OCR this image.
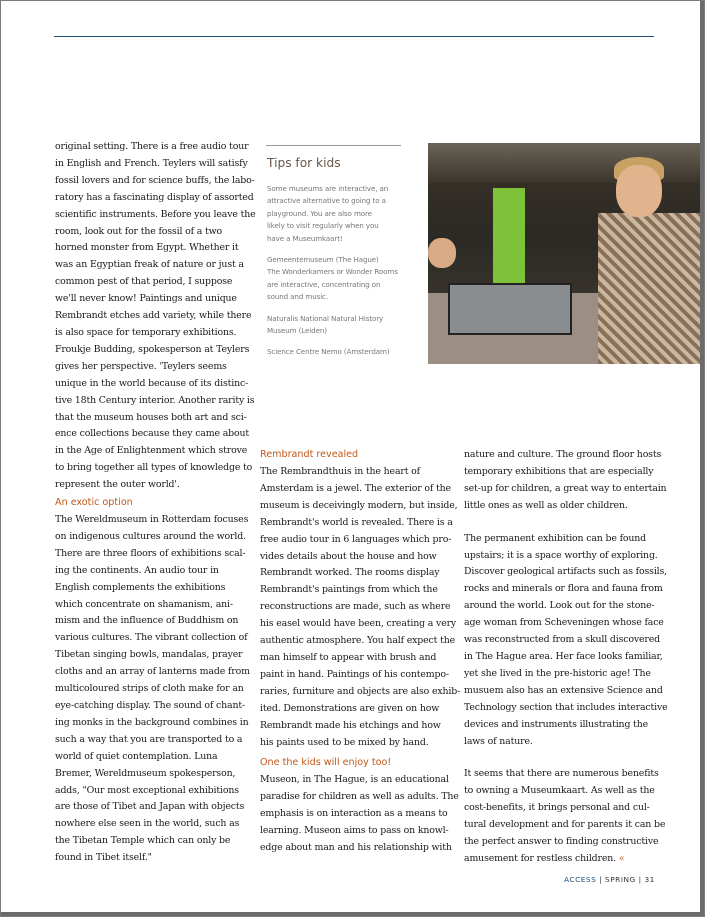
original setting. There is a free audio tour

in English and French. Teylers will satisfy

fossil lovers and for science buffs, the labo-

ratory has a fascinating display of assorted

scientific instruments. Before you leave the

room, look out for the fossil of a two

horned monster from Egypt. Whether it

was an Egyptian freak of nature or just a

common pest of that period, I suppose

we'll never know! Paintings and unique

Rembrandt etches add variety, while there

is also space for temporary exhibitions.

Froukje Budding, spokesperson at Teylers

gives her perspective. 'Teylers seems

unique in the world because of its distinc-

tive 18th Century interior. Another rarity is

that the museum houses both art and sci-

ence collections because they came about

in the Age of Enlightenment which strove

to bring together all types of knowledge to

represent the outer world'.

An exotic option

The Wereldmuseum in Rotterdam focuses

on indigenous cultures around the world.

There are three floors of exhibitions scal-

ing the continents. An audio tour in

English complements the exhibitions

which concentrate on shamanism, ani-

mism and the influence of Buddhism on

various cultures. The vibrant collection of

Tibetan singing bowls, mandalas, prayer

cloths and an array of lanterns made from

multicoloured strips of cloth make for an

eye-catching display. The sound of chant-

ing monks in the background combines in

such a way that you are transported to a

world of quiet contemplation. Luna

Bremer, Wereldmuseum spokesperson,

adds, "Our most exceptional exhibitions

are those of Tibet and Japan with objects

nowhere else seen in the world, such as

the Tibetan Temple which can only be

found in Tibet itself."

Tips for kids

Some museums are interactive, an

attractive alternative to going to a

playground. You are also more

likely to visit regularly when you

have a Museumkaart!

Gemeentemuseum (The Hague)

The Wonderkamers or Wonder Rooms

are interactive, concentrating on

sound and music.

Naturalis National Natural History

Museum (Leiden)

Science Centre Nemo (Amsterdam)

Rembrandt revealed

The Rembrandthuis in the heart of

Amsterdam is a jewel. The exterior of the

museum is deceivingly modern, but inside,

Rembrandt's world is revealed. There is a

free audio tour in 6 languages which pro-

vides details about the house and how

Rembrandt worked. The rooms display

Rembrandt's paintings from which the

reconstructions are made, such as where

his easel would have been, creating a very

authentic atmosphere. You half expect the

man himself to appear with brush and

paint in hand. Paintings of his contempo-

raries, furniture and objects are also exhib-

ited. Demonstrations are given on how

Rembrandt made his etchings and how

his paints used to be mixed by hand.

One the kids will enjoy too!

Museon, in The Hague, is an educational

paradise for children as well as adults. The

emphasis is on interaction as a means to

learning. Museon aims to pass on knowl-

edge about man and his relationship with

nature and culture. The ground floor hosts

temporary exhibitions that are especially

set-up for children, a great way to entertain

little ones as well as older children.

The permanent exhibition can be found

upstairs; it is a space worthy of exploring.

Discover geological artifacts such as fossils,

rocks and minerals or flora and fauna from

around the world. Look out for the stone-

age woman from Scheveningen whose face

was reconstructed from a skull discovered

in The Hague area. Her face looks familiar,

yet she lived in the pre-historic age! The

musuem also has an extensive Science and

Technology section that includes interactive

devices and instruments illustrating the

laws of nature.

It seems that there are numerous benefits

to owning a Museumkaart. As well as the

cost-benefits, it brings personal and cul-

tural development and for parents it can be

the perfect answer to finding constructive

amusement for restless children. «

ACCESS | SPRING | 31
